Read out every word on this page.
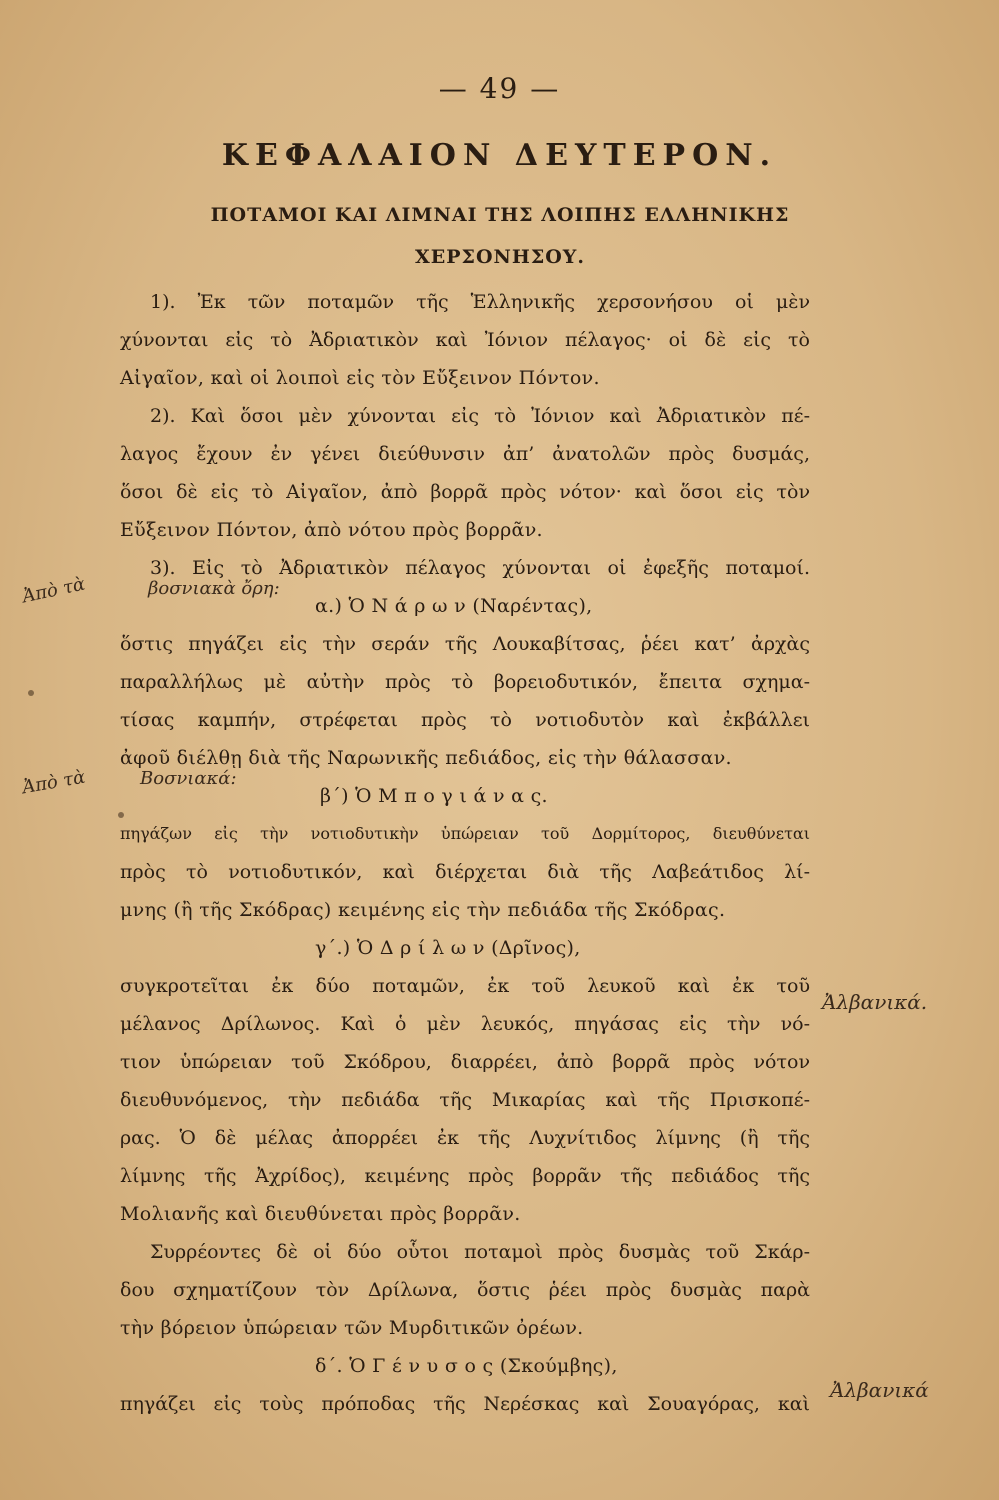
— 49 —
ΚΕΦΑΛΑΙΟΝ ΔΕΥΤΕΡΟΝ.
ΠΟΤΑΜΟΙ ΚΑΙ ΛΙΜΝΑΙ ΤΗΣ ΛΟΙΠΗΣ ΕΛΛΗΝΙΚΗΣ
ΧΕΡΣΟΝΗΣΟΥ.
1). Ἐκ τῶν ποταμῶν τῆς Ἑλληνικῆς χερσονήσου οἱ μὲν
χύνονται εἰς τὸ Ἀδριατικὸν καὶ Ἰόνιον πέλαγος· οἱ δὲ εἰς τὸ
Αἰγαῖον, καὶ οἱ λοιποὶ εἰς τὸν Εὔξεινον Πόντον.
2). Καὶ ὅσοι μὲν χύνονται εἰς τὸ Ἰόνιον καὶ Ἀδριατικὸν πέ-
λαγος ἔχουν ἐν γένει διεύθυνσιν ἀπ’ ἀνατολῶν πρὸς δυσμάς,
ὅσοι δὲ εἰς τὸ Αἰγαῖον, ἀπὸ βορρᾶ πρὸς νότον· καὶ ὅσοι εἰς τὸν
Εὔξεινον Πόντον, ἀπὸ νότου πρὸς βορρᾶν.
3). Εἰς τὸ Ἀδριατικὸν πέλαγος χύνονται οἱ ἐφεξῆς ποταμοί.
α.) Ὁ Ν ά ρ ω ν (Ναρέντας),
ὅστις πηγάζει εἰς τὴν σεράν τῆς Λουκαβίτσας, ῥέει κατ’ ἀρχὰς
παραλλήλως μὲ αὐτὴν πρὸς τὸ βορειοδυτικόν, ἔπειτα σχημα-
τίσας καμπήν, στρέφεται πρὸς τὸ νοτιοδυτὸν καὶ ἐκβάλλει
ἀφοῦ διέλθῃ διὰ τῆς Ναρωνικῆς πεδιάδος, εἰς τὴν θάλασσαν.
β΄) Ὁ Μ π ο γ ι ά ν α ς.
πηγάζων εἰς τὴν νοτιοδυτικὴν ὑπώρειαν τοῦ Δορμίτορος, διευθύνεται
πρὸς τὸ νοτιοδυτικόν, καὶ διέρχεται διὰ τῆς Λαβεάτιδος λί-
μνης (ἢ τῆς Σκόδρας) κειμένης εἰς τὴν πεδιάδα τῆς Σκόδρας.
γ΄.) Ὁ Δ ρ ί λ ω ν (Δρῖνος),
συγκροτεῖται ἐκ δύο ποταμῶν, ἐκ τοῦ λευκοῦ καὶ ἐκ τοῦ
μέλανος Δρίλωνος. Καὶ ὁ μὲν λευκός, πηγάσας εἰς τὴν νό-
τιον ὑπώρειαν τοῦ Σκόδρου, διαρρέει, ἀπὸ βορρᾶ πρὸς νότον
διευθυνόμενος, τὴν πεδιάδα τῆς Μικαρίας καὶ τῆς Πρισκοπέ-
ρας. Ὁ δὲ μέλας ἀπορρέει ἐκ τῆς Λυχνίτιδος λίμνης (ἢ τῆς
λίμνης τῆς Ἀχρίδος), κειμένης πρὸς βορρᾶν τῆς πεδιάδος τῆς
Μολιανῆς καὶ διευθύνεται πρὸς βορρᾶν.
Συρρέοντες δὲ οἱ δύο οὗτοι ποταμοὶ πρὸς δυσμὰς τοῦ Σκάρ-
δου σχηματίζουν τὸν Δρίλωνα, ὅστις ῥέει πρὸς δυσμὰς παρὰ
τὴν βόρειον ὑπώρειαν τῶν Μυρδιτικῶν ὀρέων.
δ΄. Ὁ Γ έ ν υ σ ο ς (Σκούμβης),
πηγάζει εἰς τοὺς πρόποδας τῆς Νερέσκας καὶ Σουαγόρας, καὶ
Ἀπὸ τὰ	βοσνιακὰ ὄρη:
Ἀπὸ τὰ	Βοσνιακά:
Ἀλβανικά.
Ἀλβανικά
